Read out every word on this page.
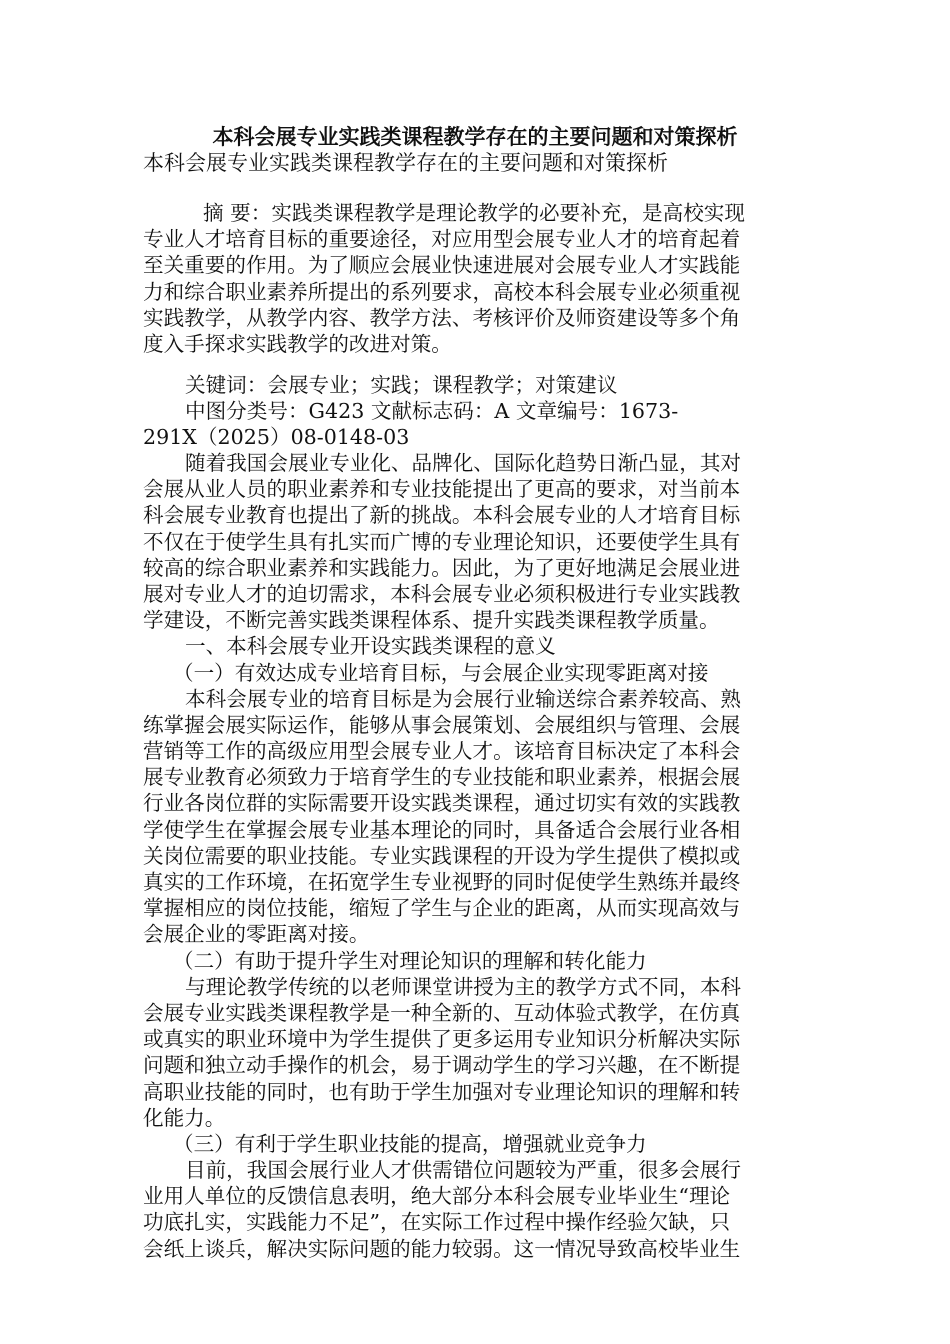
本科会展专业实践类课程教学存在的主要问题和对策探析
本科会展专业实践类课程教学存在的主要问题和对策探析
摘 要：实践类课程教学是理论教学的必要补充，是高校实现
专业人才培育目标的重要途径，对应用型会展专业人才的培育起着
至关重要的作用。为了顺应会展业快速进展对会展专业人才实践能
力和综合职业素养所提出的系列要求，高校本科会展专业必须重视
实践教学，从教学内容、教学方法、考核评价及师资建设等多个角
度入手探求实践教学的改进对策。
关键词：会展专业；实践；课程教学；对策建议
中图分类号：G423 文献标志码：A 文章编号：1673-
291X（2025）08-0148-03
随着我国会展业专业化、品牌化、国际化趋势日渐凸显，其对
会展从业人员的职业素养和专业技能提出了更高的要求，对当前本
科会展专业教育也提出了新的挑战。本科会展专业的人才培育目标
不仅在于使学生具有扎实而广博的专业理论知识，还要使学生具有
较高的综合职业素养和实践能力。因此，为了更好地满足会展业进
展对专业人才的迫切需求，本科会展专业必须积极进行专业实践教
学建设，不断完善实践类课程体系、提升实践类课程教学质量。
一、本科会展专业开设实践类课程的意义
（一）有效达成专业培育目标，与会展企业实现零距离对接
本科会展专业的培育目标是为会展行业输送综合素养较高、熟
练掌握会展实际运作，能够从事会展策划、会展组织与管理、会展
营销等工作的高级应用型会展专业人才。该培育目标决定了本科会
展专业教育必须致力于培育学生的专业技能和职业素养，根据会展
行业各岗位群的实际需要开设实践类课程，通过切实有效的实践教
学使学生在掌握会展专业基本理论的同时，具备适合会展行业各相
关岗位需要的职业技能。专业实践课程的开设为学生提供了模拟或
真实的工作环境，在拓宽学生专业视野的同时促使学生熟练并最终
掌握相应的岗位技能，缩短了学生与企业的距离，从而实现高效与
会展企业的零距离对接。
（二）有助于提升学生对理论知识的理解和转化能力
与理论教学传统的以老师课堂讲授为主的教学方式不同，本科
会展专业实践类课程教学是一种全新的、互动体验式教学，在仿真
或真实的职业环境中为学生提供了更多运用专业知识分析解决实际
问题和独立动手操作的机会，易于调动学生的学习兴趣，在不断提
高职业技能的同时，也有助于学生加强对专业理论知识的理解和转
化能力。
（三）有利于学生职业技能的提高，增强就业竞争力
目前，我国会展行业人才供需错位问题较为严重，很多会展行
业用人单位的反馈信息表明，绝大部分本科会展专业毕业生“理论
功底扎实，实践能力不足”，在实际工作过程中操作经验欠缺，只
会纸上谈兵，解决实际问题的能力较弱。这一情况导致高校毕业生
